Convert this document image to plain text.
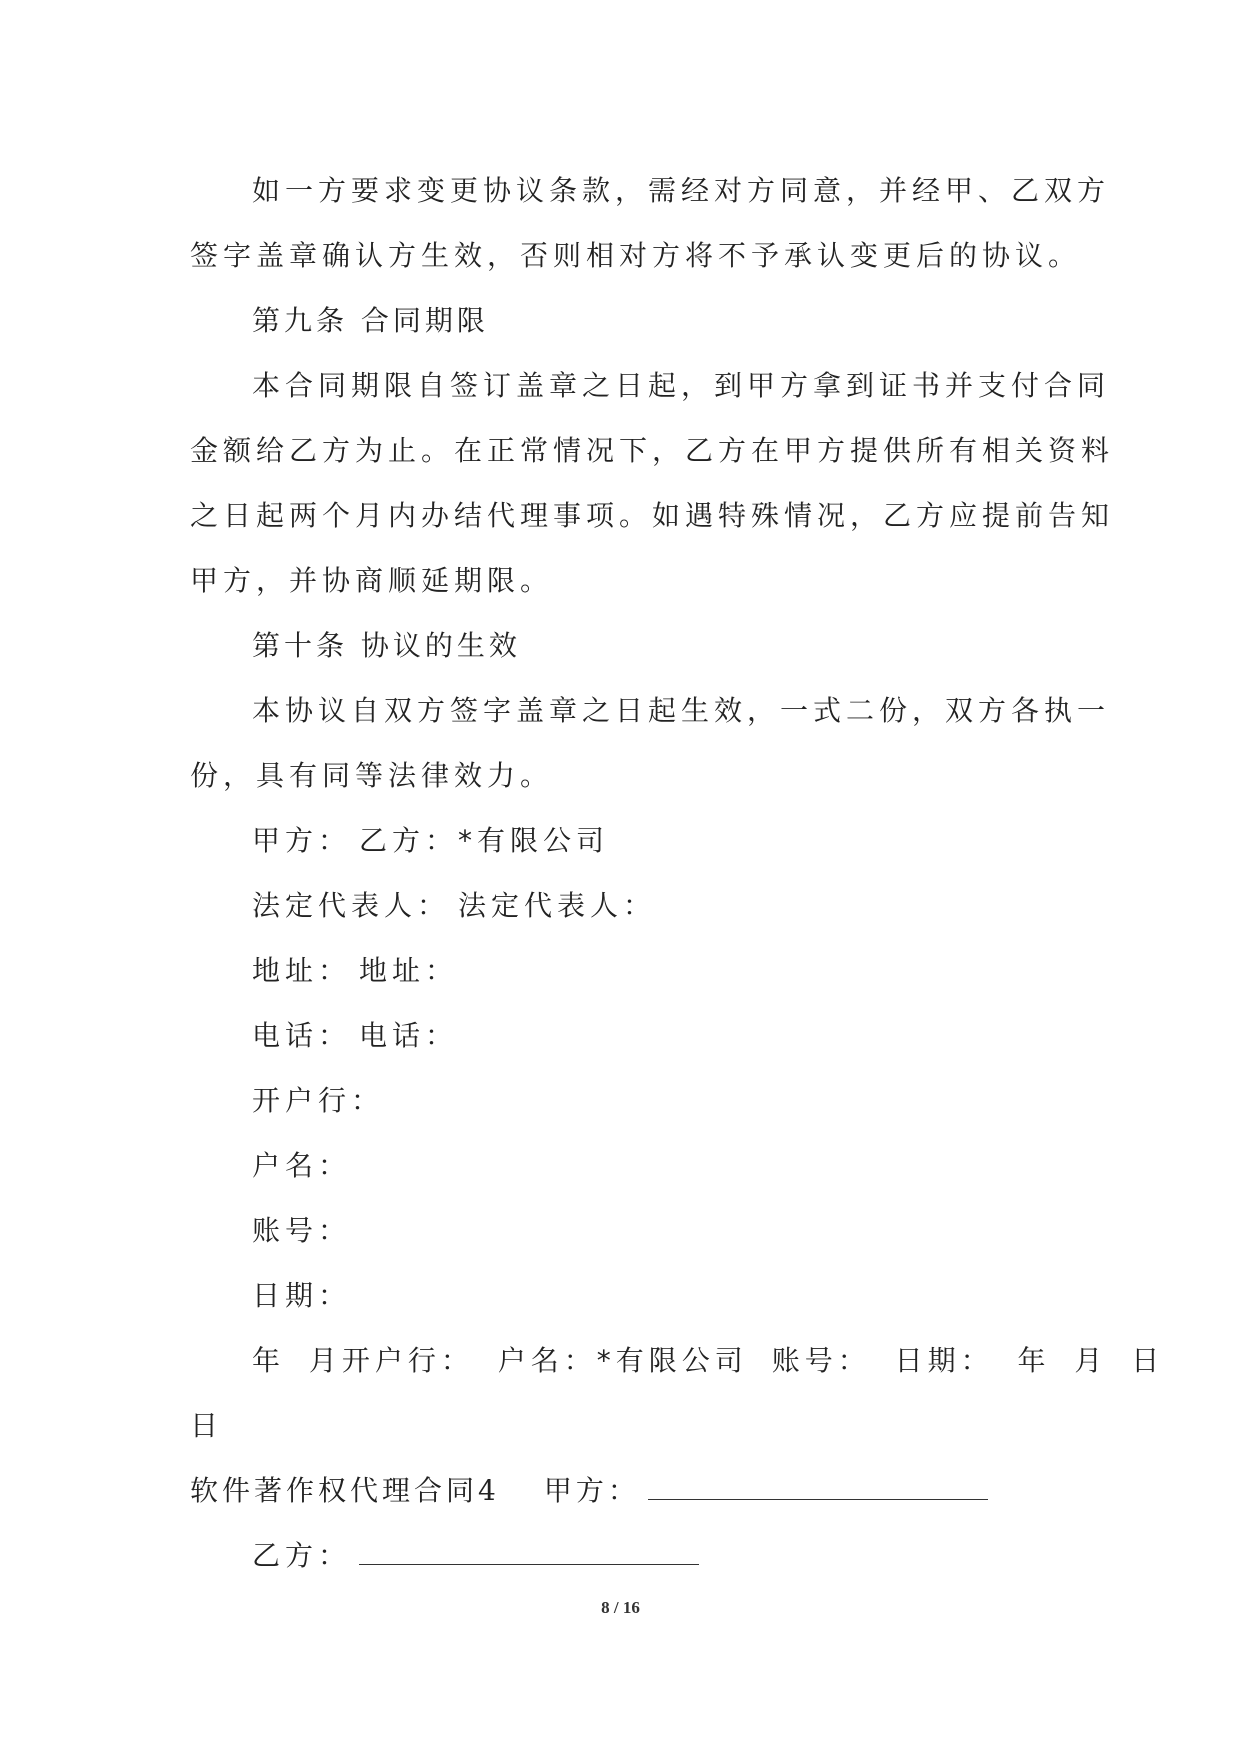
如一方要求变更协议条款，需经对方同意，并经甲、乙双方
签字盖章确认方生效，否则相对方将不予承认变更后的协议。
第九条 合同期限
本合同期限自签订盖章之日起，到甲方拿到证书并支付合同
金额给乙方为止。在正常情况下，乙方在甲方提供所有相关资料
之日起两个月内办结代理事项。如遇特殊情况，乙方应提前告知
甲方，并协商顺延期限。
第十条 协议的生效
本协议自双方签字盖章之日起生效，一式二份，双方各执一
份，具有同等法律效力。
甲方： 乙方：*有限公司
法定代表人： 法定代表人：
地址： 地址：
电话： 电话：
开户行：
户名：
账号：
日期：
年 月开户行： 户名：*有限公司 账号： 日期： 年 月 日
日
软件著作权代理合同4 甲方：
乙方：
8 / 16
